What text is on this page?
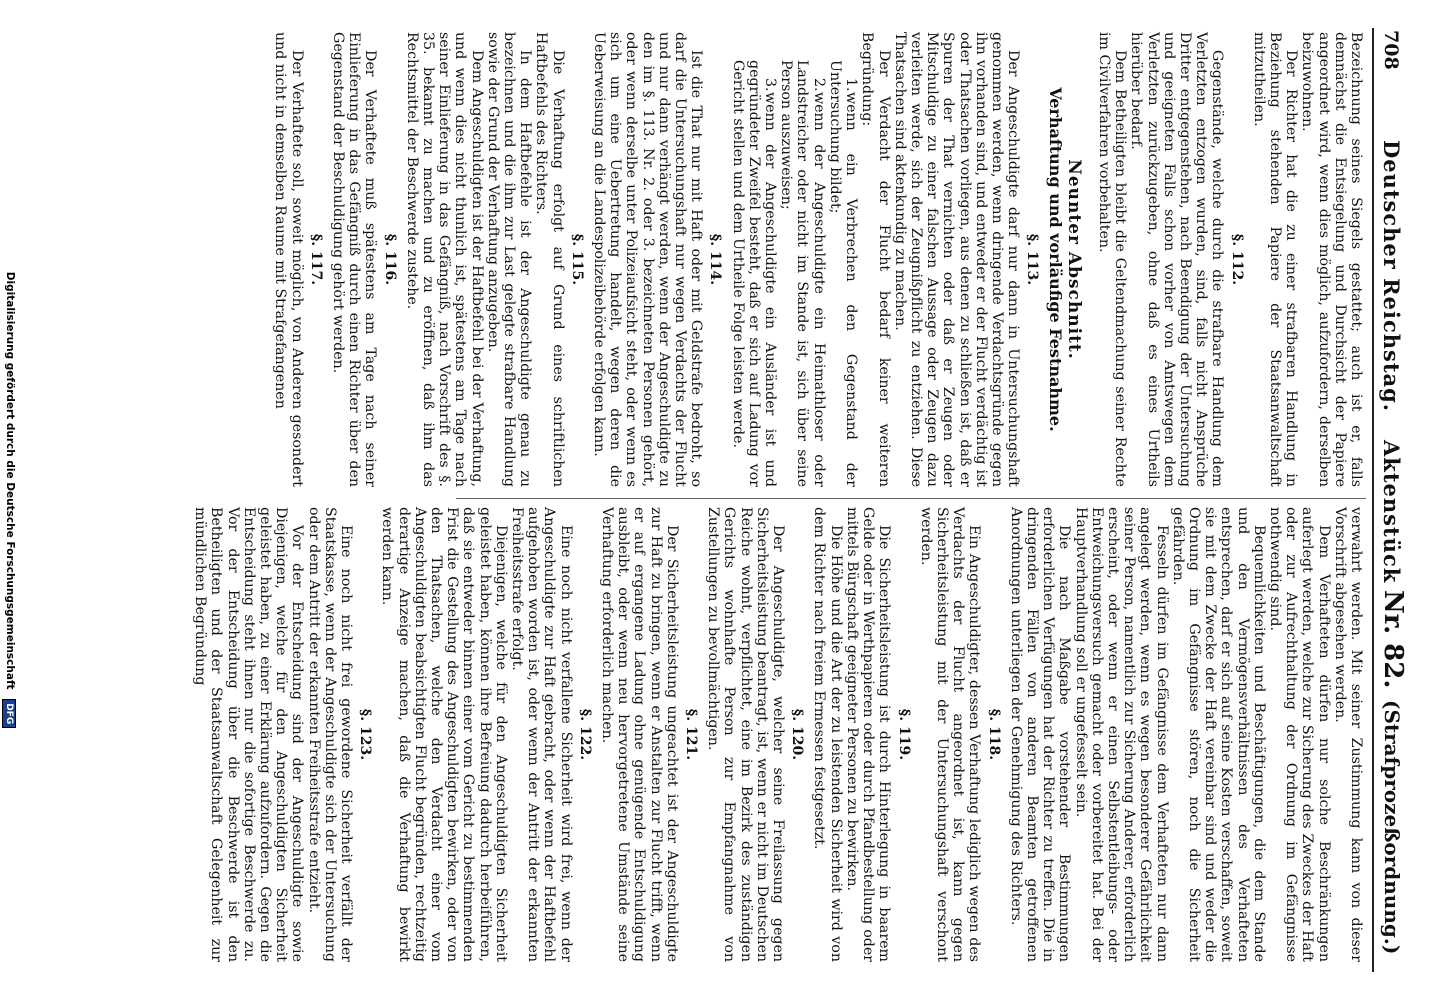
708
Deutscher Reichstag.
Aktenstück
Nr. 82.
(Strafprozeßordnung.)

Bezeichnung seines Siegels gestattet; auch ist er, falls demnächst die Entsiegelung und Durchsicht der Papiere angeordnet wird, wenn dies möglich, aufzufordern, derselben beizuwohnen.

Der Richter hat die zu einer strafbaren Handlung in Beziehung stehenden Papiere der Staatsanwaltschaft mitzutheilen.

§. 112.

Gegenstände, welche durch die strafbare Handlung dem Verletzten entzogen wurden, sind, falls nicht Ansprüche Dritter entgegenstehen, nach Beendigung der Untersuchung und geeigneten Falls schon vorher von Amtswegen dem Verletzten zurückzugeben, ohne daß es eines Urtheils hierüber bedarf.

Dem Betheiligten bleibt die Geltendmachung seiner Rechte im Civilverfahren vorbehalten.

Neunter Abschnitt.
Verhaftung und vorläufige Festnahme.
§. 113.

Der Angeschuldigte darf nur dann in Untersuchungshaft genommen werden, wenn dringende Verdachtsgründe gegen ihn vorhanden sind, und entweder er der Flucht verdächtig ist oder Thatsachen vorliegen, aus denen zu schließen ist, daß er Spuren der That vernichten oder daß er Zeugen oder Mitschuldige zu einer falschen Aussage oder Zeugen dazu verleiten werde, sich der Zeugnißpflicht zu entziehen. Diese Thatsachen sind aktenkundig zu machen.

Der Verdacht der Flucht bedarf keiner weiteren Begründung:

1.wenn ein Verbrechen den Gegenstand der Untersuchung bildet;

2.wenn der Angeschuldigte ein Heimathloser oder Landstreicher oder nicht im Stande ist, sich über seine Person auszuweisen;

3.wenn der Angeschuldigte ein Ausländer ist und gegründeter Zweifel besteht, daß er sich auf Ladung vor Gericht stellen und dem Urtheile Folge leisten werde.

§. 114.

Ist die That nur mit Haft oder mit Geldstrafe bedroht, so darf die Untersuchungshaft nur wegen Verdachts der Flucht und nur dann verhängt werden, wenn der Angeschuldigte zu den im §. 113. Nr. 2. oder 3. bezeichneten Personen gehört, oder wenn derselbe unter Polizeiaufsicht steht, oder wenn es sich um eine Uebertretung handelt, wegen deren die Ueberweisung an die Landespolizeibehörde erfolgen kann.

§. 115.

Die Verhaftung erfolgt auf Grund eines schriftlichen Haftbefehls des Richters.

In dem Haftbefehle ist der Angeschuldigte genau zu bezeichnen und die ihm zur Last gelegte strafbare Handlung sowie der Grund der Verhaftung anzugeben.

Dem Angeschuldigten ist der Haftbefehl bei der Verhaftung, und wenn dies nicht thunlich ist, spätestens am Tage nach seiner Einlieferung in das Gefängniß, nach Vorschrift des §. 35. bekannt zu machen und zu eröffnen, daß ihm das Rechtsmittel der Beschwerde zustehe.

§. 116.

Der Verhaftete muß spätestens am Tage nach seiner Einlieferung in das Gefängniß durch einen Richter über den Gegenstand der Beschuldigung gehört werden.

§. 117.

Der Verhaftete soll, soweit möglich, von Anderen gesondert und nicht in demselben Raume mit Strafgefangenen

verwahrt werden. Mit seiner Zustimmung kann von dieser Vorschrift abgesehen werden.

Dem Verhafteten dürfen nur solche Beschränkungen auferlegt werden, welche zur Sicherung des Zweckes der Haft oder zur Aufrechthaltung der Ordnung im Gefängnisse nothwendig sind.

Bequemlichkeiten und Beschäftigungen, die dem Stande und den Vermögensverhältnissen des Verhafteten entsprechen, darf er sich auf seine Kosten verschaffen, soweit sie mit dem Zwecke der Haft vereinbar sind und weder die Ordnung im Gefängnisse stören, noch die Sicherheit gefährden.

Fesseln dürfen im Gefängnisse dem Verhafteten nur dann angelegt werden, wenn es wegen besonderer Gefährlichkeit seiner Person, namentlich zur Sicherung Anderer, erforderlich erscheint, oder wenn er einen Selbstentleibungs- oder Entweichungsversuch gemacht oder vorbereitet hat. Bei der Hauptverhandlung soll er ungefesselt sein.

Die nach Maßgabe vorstehender Bestimmungen erforderlichen Verfügungen hat der Richter zu treffen. Die in dringenden Fällen von anderen Beamten getroffenen Anordnungen unterliegen der Genehmigung des Richters.

§. 118.

Ein Angeschuldigter, dessen Verhaftung lediglich wegen des Verdachts der Flucht angeordnet ist, kann gegen Sicherheitsleistung mit der Untersuchungshaft verschont werden.

§. 119.

Die Sicherheitsleistung ist durch Hinterlegung in baarem Gelde oder in Werthpapieren oder durch Pfandbestellung oder mittels Bürgschaft geeigneter Personen zu bewirken.

Die Höhe und die Art der zu leistenden Sicherheit wird von dem Richter nach freiem Ermessen festgesetzt.

§. 120.

Der Angeschuldigte, welcher seine Freilassung gegen Sicherheitsleistung beantragt, ist, wenn er nicht im Deutschen Reiche wohnt, verpflichtet, eine im Bezirk des zuständigen Gerichts wohnhafte Person zur Empfangnahme von Zustellungen zu bevollmächtigen.

§. 121.

Der Sicherheitsleistung ungeachtet ist der Angeschuldigte zur Haft zu bringen, wenn er Anstalten zur Flucht trifft, wenn er auf ergangene Ladung ohne genügende Entschuldigung ausbleibt, oder wenn neu hervorgetretene Umstände seine Verhaftung erforderlich machen.

§. 122.

Eine noch nicht verfallene Sicherheit wird frei, wenn der Angeschuldigte zur Haft gebracht, oder wenn der Haftbefehl aufgehoben worden ist, oder wenn der Antritt der erkannten Freiheitsstrafe erfolgt.

Diejenigen, welche für den Angeschuldigten Sicherheit geleistet haben, können ihre Befreiung dadurch herbeiführen, daß sie entweder binnen einer vom Gericht zu bestimmenden Frist die Gestellung des Angeschuldigten bewirken, oder von den Thatsachen, welche den Verdacht einer vom Angeschuldigten beabsichtigten Flucht begründen, rechtzeitig derartige Anzeige machen, daß die Verhaftung bewirkt werden kann.

§. 123.

Eine noch nicht frei gewordene Sicherheit verfällt der Staatskasse, wenn der Angeschuldigte sich der Untersuchung oder dem Antritt der erkannten Freiheitsstrafe entzieht.

Vor der Entscheidung sind der Angeschuldigte sowie Diejenigen, welche für den Angeschuldigten Sicherheit geleistet haben, zu einer Erklärung aufzufordern. Gegen die Entscheidung steht ihnen nur die sofortige Beschwerde zu. Vor der Entscheidung über die Beschwerde ist den Betheiligten und der Staatsanwaltschaft Gelegenheit zur mündlichen Begründung

Digitalisierung gefördert durch die Deutsche Forschungsgemeinschaft DFG
